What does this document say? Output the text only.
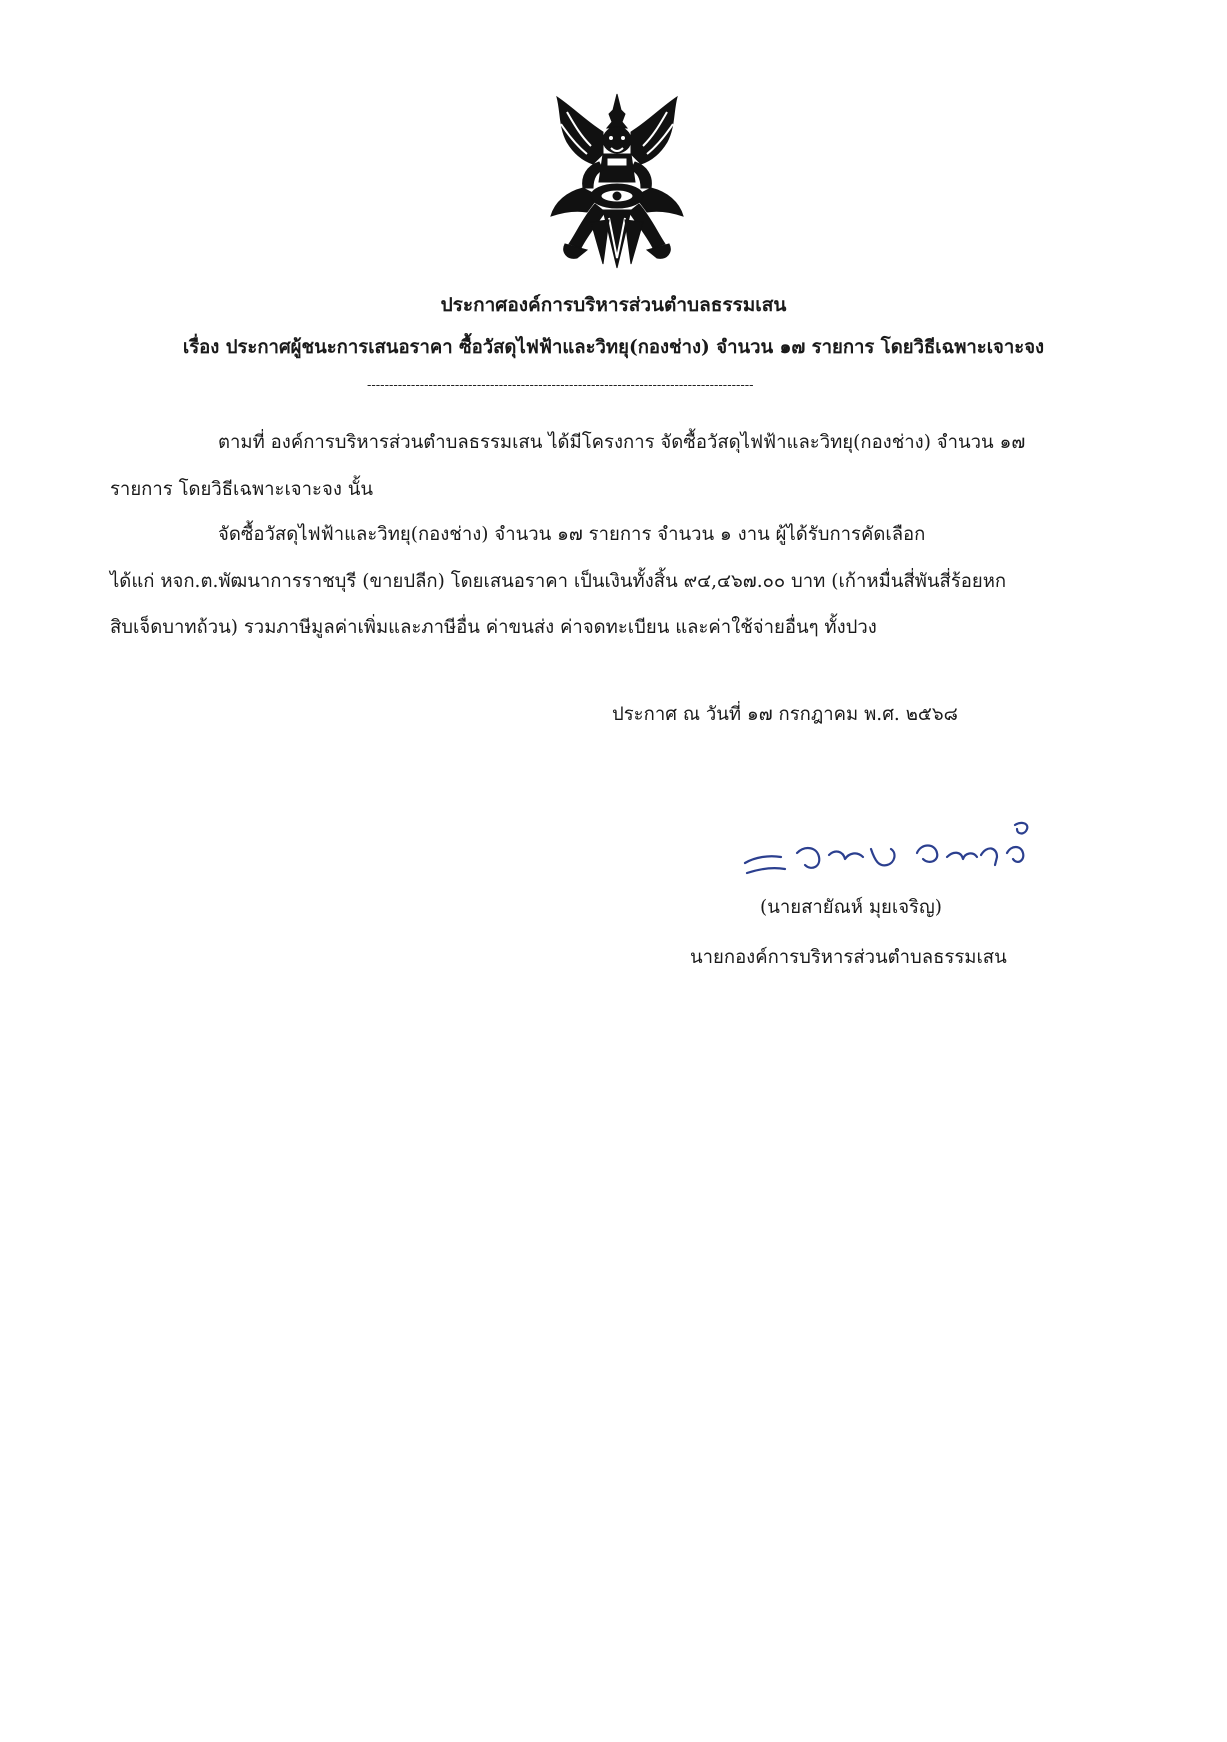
ประกาศองค์การบริหารส่วนตำบลธรรมเสน
เรื่อง ประกาศผู้ชนะการเสนอราคา ซื้อวัสดุไฟฟ้าและวิทยุ(กองช่าง) จำนวน ๑๗ รายการ โดยวิธีเฉพาะเจาะจง
----------------------------------------------------------------------------------------
ตามที่ องค์การบริหารส่วนตำบลธรรมเสน ได้มีโครงการ จัดซื้อวัสดุไฟฟ้าและวิทยุ(กองช่าง) จำนวน ๑๗
รายการ โดยวิธีเฉพาะเจาะจง นั้น
จัดซื้อวัสดุไฟฟ้าและวิทยุ(กองช่าง) จำนวน ๑๗ รายการ จำนวน ๑ งาน ผู้ได้รับการคัดเลือก
ได้แก่ หจก.ต.พัฒนาการราชบุรี (ขายปลีก) โดยเสนอราคา เป็นเงินทั้งสิ้น ๙๔,๔๖๗.๐๐ บาท (เก้าหมื่นสี่พันสี่ร้อยหก
สิบเจ็ดบาทถ้วน) รวมภาษีมูลค่าเพิ่มและภาษีอื่น ค่าขนส่ง ค่าจดทะเบียน และค่าใช้จ่ายอื่นๆ ทั้งปวง
ประกาศ ณ วันที่ ๑๗ กรกฎาคม พ.ศ. ๒๕๖๘
(นายสายัณห์ มุยเจริญ)
นายกองค์การบริหารส่วนตำบลธรรมเสน
